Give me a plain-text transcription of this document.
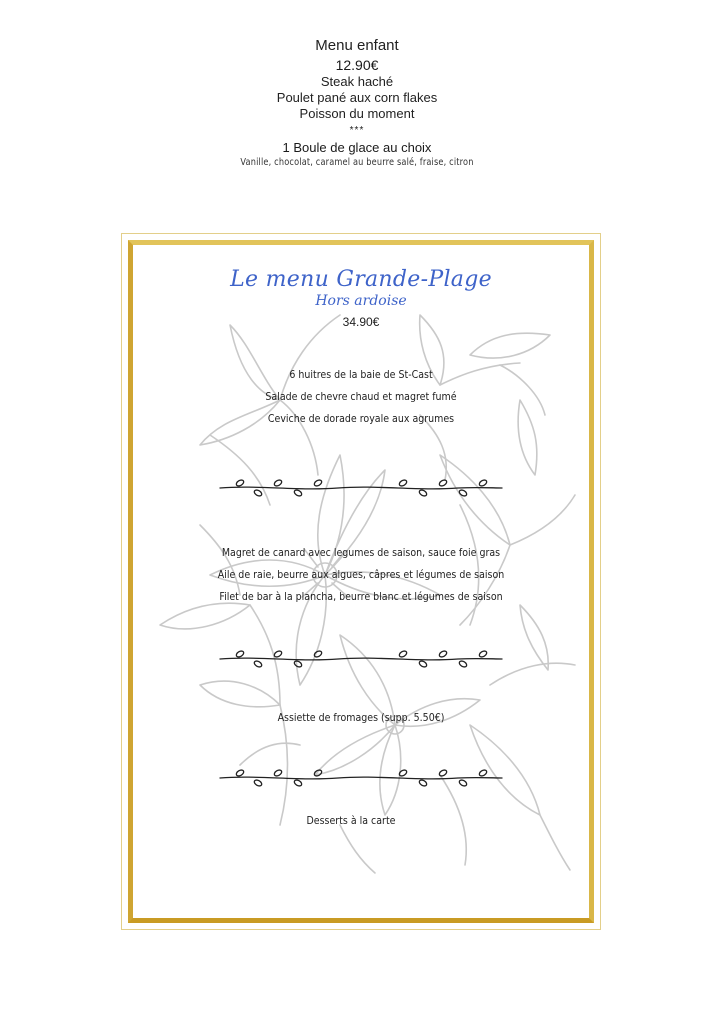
Menu enfant
12.90€
Steak haché
Poulet pané aux corn flakes
Poisson du moment
***
1 Boule de glace au choix
Vanille, chocolat, caramel au beurre salé, fraise, citron
Le menu Grande-Plage
Hors ardoise
34.90€
6 huitres de la baie de St-Cast
Salade de chevre chaud et magret fumé
Ceviche de dorade royale aux agrumes
Magret de canard avec legumes de saison, sauce foie gras
Aile de raie, beurre aux algues, câpres et légumes de saison
Filet de bar à la plancha, beurre blanc et légumes de saison
Assiette de fromages (supp. 5.50€)
Desserts à la carte
